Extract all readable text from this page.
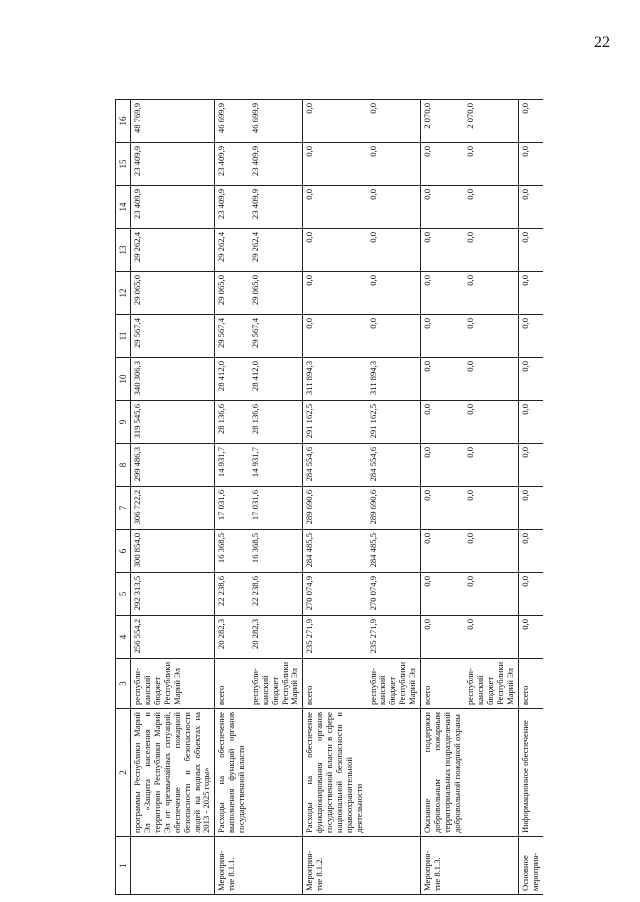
22
1	2	3	4	5	6	7	8	9	10	11	12	13	14	15	16
	программы Республики Марий Эл «Защита населения и территории Республики Марий Эл от чрезвычайных ситуаций, обеспечение пожарной безопасности и безопасности людей на водных объектах на 2013 - 2025 годы»	республи-канский бюджет Республики Марий Эл	256 554,2	292 313,5	300 854,0	306 722,2	299 486,3	319 545,6	340 306,3	29 567,4	29 065,0	29 262,4	23 409,9	23 409,9	48 769,9
Мероприя-тие 8.1.1.	Расходы на обеспечение выполнения функций органов государственной власти	всего	20 282,3	22 238,6	16 368,5	17 031,6	14 931,7	28 136,6	28 412,0	29 567,4	29 065,0	29 262,4	23 409,9	23 409,9	46 699,9
		республи-канский бюджет Республики Марий Эл	20 282,3	22 238,6	16 368,5	17 031,6	14 931,7	28 136,6	28 412,0	29 567,4	29 065,0	29 262,4	23 409,9	23 409,9	46 699,9
Мероприя-тие 8.1.2.	Расходы на обеспечение функционирования органов государственной власти в сфере национальной безопасности и правоохранительной деятельности	всего	235 271,9	270 074,9	284 485,5	289 690,6	284 554,6	291 162,5	311 894,3	0,0	0,0	0,0	0,0	0,0	0,0
		республи-канский бюджет Республики Марий Эл	235 271,9	270 074,9	284 485,5	289 690,6	284 554,6	291 162,5	311 894,3	0,0	0,0	0,0	0,0	0,0	0,0
Мероприя-тие 8.1.3.	Оказание поддержки добровольным пожарным территориальных подразделений добровольной пожарной охраны	всего	0,0	0,0	0,0	0,0	0,0	0,0	0,0	0,0	0,0	0,0	0,0	0,0	2 070,0
		республи-канский бюджет Республики Марий Эл	0,0	0,0	0,0	0,0	0,0	0,0	0,0	0,0	0,0	0,0	0,0	0,0	2 070,0
Основное мероприя-	Информационное обеспечение	всего	0,0	0,0	0,0	0,0	0,0	0,0	0,0	0,0	0,0	0,0	0,0	0,0	0,0
